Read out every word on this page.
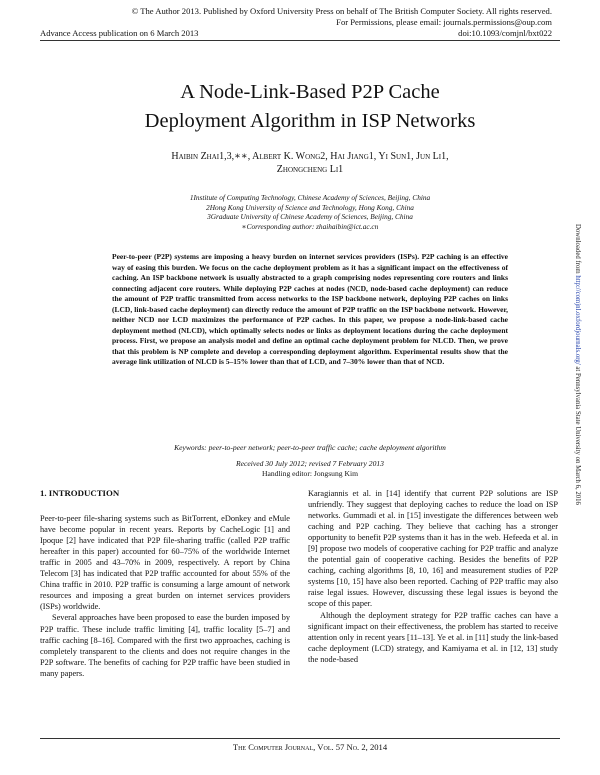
© The Author 2013. Published by Oxford University Press on behalf of The British Computer Society. All rights reserved.
For Permissions, please email: journals.permissions@oup.com
Advance Access publication on 6 March 2013	doi:10.1093/comjnl/bxt022
A Node-Link-Based P2P Cache
Deployment Algorithm in ISP Networks
Haibin Zhai1,3,∗∗, Albert K. Wong2, Hai Jiang1, Yi Sun1, Jun Li1,
Zhongcheng Li1
1Institute of Computing Technology, Chinese Academy of Sciences, Beijing, China
2Hong Kong University of Science and Technology, Hong Kong, China
3Graduate University of Chinese Academy of Sciences, Beijing, China
∗Corresponding author: zhaihaibin@ict.ac.cn
Peer-to-peer (P2P) systems are imposing a heavy burden on internet services providers (ISPs). P2P caching is an effective way of easing this burden. We focus on the cache deployment problem as it has a significant impact on the effectiveness of caching. An ISP backbone network is usually abstracted to a graph comprising nodes representing core routers and links connecting adjacent core routers. While deploying P2P caches at nodes (NCD, node-based cache deployment) can reduce the amount of P2P traffic transmitted from access networks to the ISP backbone network, deploying P2P caches on links (LCD, link-based cache deployment) can directly reduce the amount of P2P traffic on the ISP backbone network. However, neither NCD nor LCD maximizes the performance of P2P caches. In this paper, we propose a node-link-based cache deployment method (NLCD), which optimally selects nodes or links as deployment locations during the cache deployment process. First, we propose an analysis model and define an optimal cache deployment problem for NLCD. Then, we prove that this problem is NP complete and develop a corresponding deployment algorithm. Experimental results show that the average link utilization of NLCD is 5–15% lower than that of LCD, and 7–30% lower than that of NCD.
Keywords: peer-to-peer network; peer-to-peer traffic cache; cache deployment algorithm
Received 30 July 2012; revised 7 February 2013
Handling editor: Jongsung Kim

1. INTRODUCTION

Peer-to-peer file-sharing systems such as BitTorrent, eDonkey and eMule have become popular in recent years. Reports by CacheLogic [1] and Ipoque [2] have indicated that P2P file-sharing traffic (called P2P traffic hereafter in this paper) accounted for 60–75% of the worldwide Internet traffic in 2005 and 43–70% in 2009, respectively. A report by China Telecom [3] has indicated that P2P traffic accounted for about 55% of the China traffic in 2010. P2P traffic is consuming a large amount of network resources and imposing a great burden on internet services providers (ISPs) worldwide.

Several approaches have been proposed to ease the burden imposed by P2P traffic. These include traffic limiting [4], traffic locality [5–7] and traffic caching [8–16]. Compared with the first two approaches, caching is completely transparent to the clients and does not require changes in the P2P software. The benefits of caching for P2P traffic have been studied in many papers.

Karagiannis et al. in [14] identify that current P2P solutions are ISP unfriendly. They suggest that deploying caches to reduce the load on ISP networks. Gummadi et al. in [15] investigate the differences between web caching and P2P caching. They believe that caching has a stronger opportunity to benefit P2P systems than it has in the web. Hefeeda et al. in [9] propose two models of cooperative caching for P2P traffic and analyze the potential gain of cooperative caching. Besides the benefits of P2P caching, caching algorithms [8, 10, 16] and measurement studies of P2P systems [10, 15] have also been reported. Caching of P2P traffic may also raise legal issues. However, discussing these legal issues is beyond the scope of this paper.

Although the deployment strategy for P2P traffic caches can have a significant impact on their effectiveness, the problem has started to receive attention only in recent years [11–13]. Ye et al. in [11] study the link-based cache deployment (LCD) strategy, and Kamiyama et al. in [12, 13] study the node-based

The Computer Journal, Vol. 57 No. 2, 2014
Downloaded from http://comjnl.oxfordjournals.org/ at Pennsylvania State University on March 6, 2016
